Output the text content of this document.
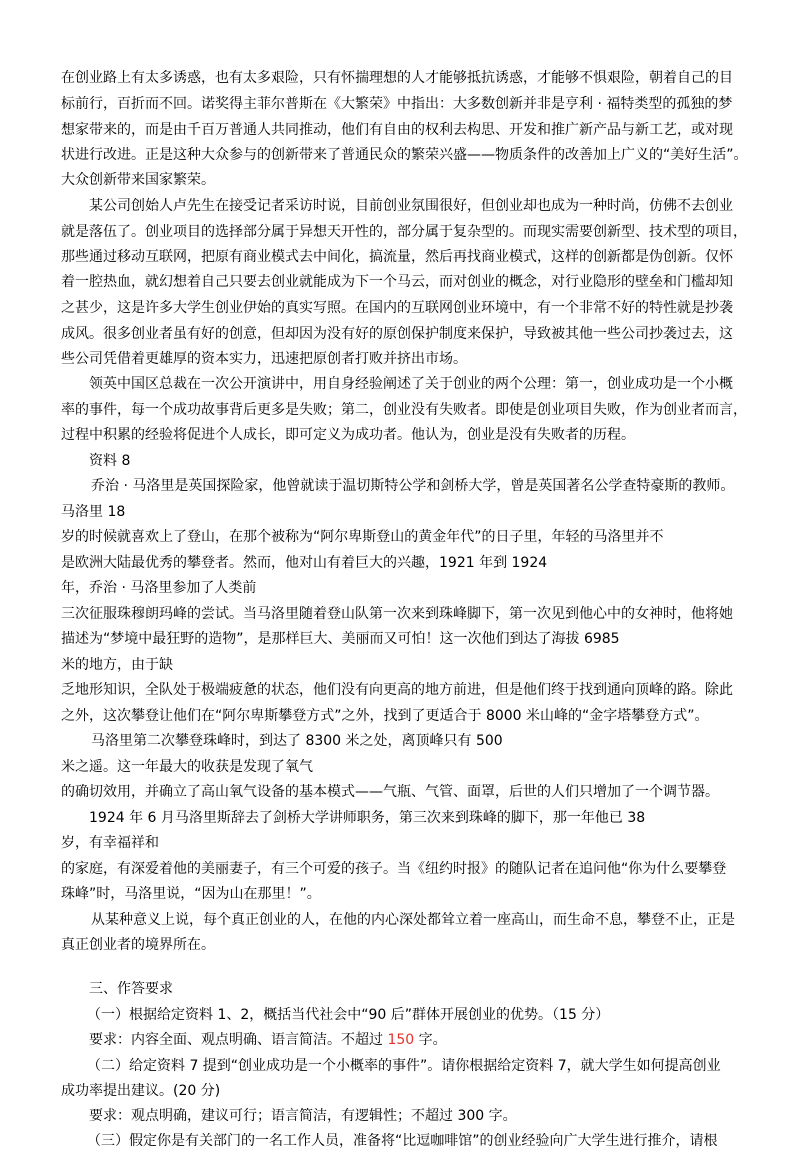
在创业路上有太多诱惑，也有太多艰险，只有怀揣理想的人才能够抵抗诱惑，才能够不惧艰险，朝着自己的目

标前行，百折而不回。诺奖得主菲尔普斯在《大繁荣》中指出：大多数创新并非是亨利 · 福特类型的孤独的梦

想家带来的，而是由千百万普通人共同推动，他们有自由的权利去构思、开发和推广新产品与新工艺，或对现

状进行改进。正是这种大众参与的创新带来了普通民众的繁荣兴盛——物质条件的改善加上广义的“美好生活”。

大众创新带来国家繁荣。

某公司创始人卢先生在接受记者采访时说，目前创业氛围很好，但创业却也成为一种时尚，仿佛不去创业

就是落伍了。创业项目的选择部分属于异想天开性的，部分属于复杂型的。而现实需要创新型、技术型的项目，

那些通过移动互联网，把原有商业模式去中间化，搞流量，然后再找商业模式，这样的创新都是伪创新。仅怀

着一腔热血，就幻想着自己只要去创业就能成为下一个马云，而对创业的概念，对行业隐形的壁垒和门槛却知

之甚少，这是许多大学生创业伊始的真实写照。在国内的互联网创业环境中，有一个非常不好的特性就是抄袭

成风。很多创业者虽有好的创意，但却因为没有好的原创保护制度来保护，导致被其他一些公司抄袭过去，这

些公司凭借着更雄厚的资本实力，迅速把原创者打败并挤出市场。

领英中国区总裁在一次公开演讲中，用自身经验阐述了关于创业的两个公理：第一，创业成功是一个小概

率的事件，每一个成功故事背后更多是失败；第二，创业没有失败者。即使是创业项目失败，作为创业者而言，

过程中积累的经验将促进个人成长，即可定义为成功者。他认为，创业是没有失败者的历程。

资料 8

乔治 · 马洛里是英国探险家，他曾就读于温切斯特公学和剑桥大学，曾是英国著名公学查特豪斯的教师。

马洛里 18

岁的时候就喜欢上了登山，在那个被称为“阿尔卑斯登山的黄金年代”的日子里，年轻的马洛里并不

是欧洲大陆最优秀的攀登者。然而，他对山有着巨大的兴趣，1921 年到 1924

年，乔治 · 马洛里参加了人类前

三次征服珠穆朗玛峰的尝试。当马洛里随着登山队第一次来到珠峰脚下，第一次见到他心中的女神时，他将她

描述为“梦境中最狂野的造物”，是那样巨大、美丽而又可怕！这一次他们到达了海拔 6985

米的地方，由于缺

乏地形知识，全队处于极端疲惫的状态，他们没有向更高的地方前进，但是他们终于找到通向顶峰的路。除此

之外，这次攀登让他们在“阿尔卑斯攀登方式”之外，找到了更适合于 8000 米山峰的“金字塔攀登方式”。

马洛里第二次攀登珠峰时，到达了 8300 米之处，离顶峰只有 500

米之遥。这一年最大的收获是发现了氧气

的确切效用，并确立了高山氧气设备的基本模式——气瓶、气管、面罩，后世的人们只增加了一个调节器。

1924 年 6 月马洛里斯辞去了剑桥大学讲师职务，第三次来到珠峰的脚下，那一年他已 38

岁，有幸福祥和

的家庭，有深爱着他的美丽妻子，有三个可爱的孩子。当《纽约时报》的随队记者在追问他“你为什么要攀登

珠峰”时，马洛里说，“因为山在那里！”。

从某种意义上说，每个真正创业的人，在他的内心深处都耸立着一座高山，而生命不息，攀登不止，正是

真正创业者的境界所在。

三、作答要求

（一）根据给定资料 1、2，概括当代社会中“90 后”群体开展创业的优势。（15 分）

要求：内容全面、观点明确、语言简洁。不超过 150 字。

（二）给定资料 7 提到“创业成功是一个小概率的事件”。请你根据给定资料 7，就大学生如何提高创业

成功率提出建议。(20 分)

要求：观点明确，建议可行；语言简洁，有逻辑性；不超过 300 字。

（三）假定你是有关部门的一名工作人员，准备将“比逗咖啡馆”的创业经验向广大学生进行推介，请根
